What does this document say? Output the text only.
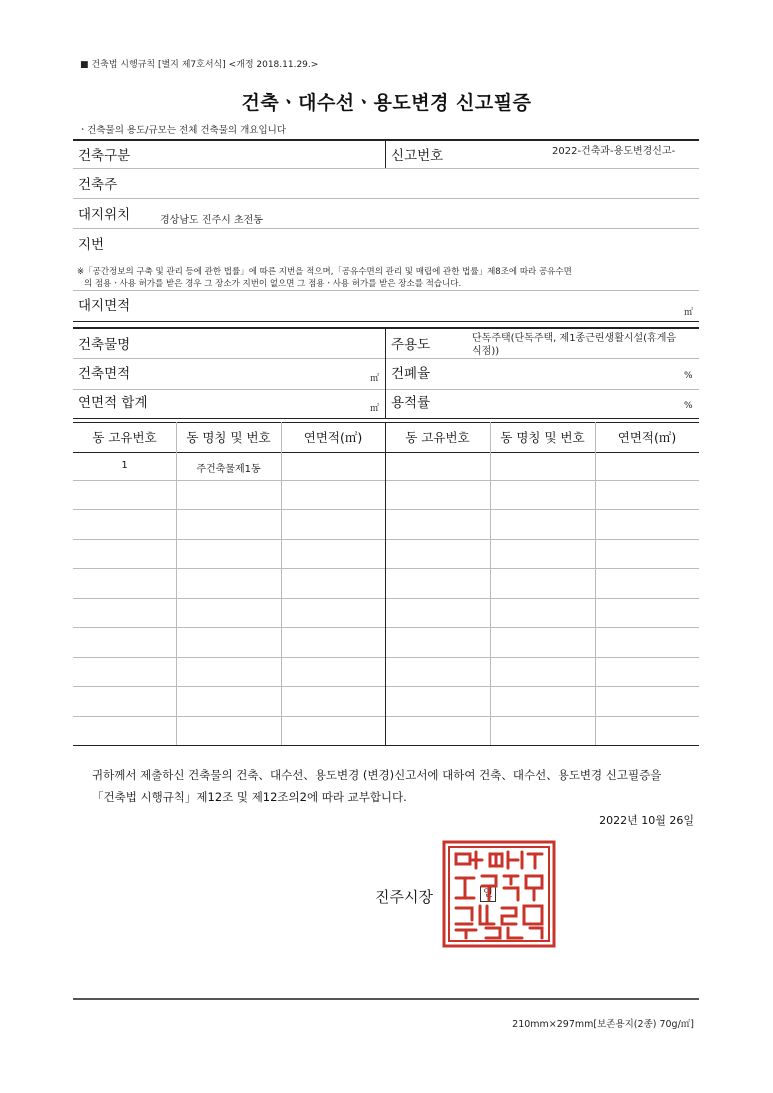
■ 건축법 시행규칙 [별지 제7호서식] <개정 2018.11.29.>
건축ㆍ대수선ㆍ용도변경 신고필증
ㆍ건축물의 용도/규모는 전체 건축물의 개요입니다
건축구분	신고번호	2022-건축과-용도변경신고-
건축주
대지위치	경상남도 진주시 초전동
지번
※「공간정보의 구축 및 관리 등에 관한 법률」에 따른 지번을 적으며,「공유수면의 관리 및 매립에 관한 법률」제8조에 따라 공유수면
의 점용ㆍ사용 허가를 받은 경우 그 장소가 지번이 없으면 그 점용ㆍ사용 허가를 받은 장소를 적습니다.
대지면적	㎡
건축물명	주용도	단독주택(단독주택, 제1종근린생활시설(휴게음
식점))
건축면적	㎡ 건폐율	%
연면적 합계	㎡ 용적률	%
동 고유번호	동 명칭 및 번호	연면적(㎡)	동 고유번호	동 명칭 및 번호	연면적(㎡)
1	주건축물제1동
귀하께서 제출하신 건축물의 건축、대수선、용도변경 (변경)신고서에 대하여 건축、대수선、용도변경 신고필증을
「건축법 시행규칙」제12조 및 제12조의2에 따라 교부합니다.
2022년 10월 26일
진주시장	인
210mm×297mm[보존용지(2종) 70g/㎡]
